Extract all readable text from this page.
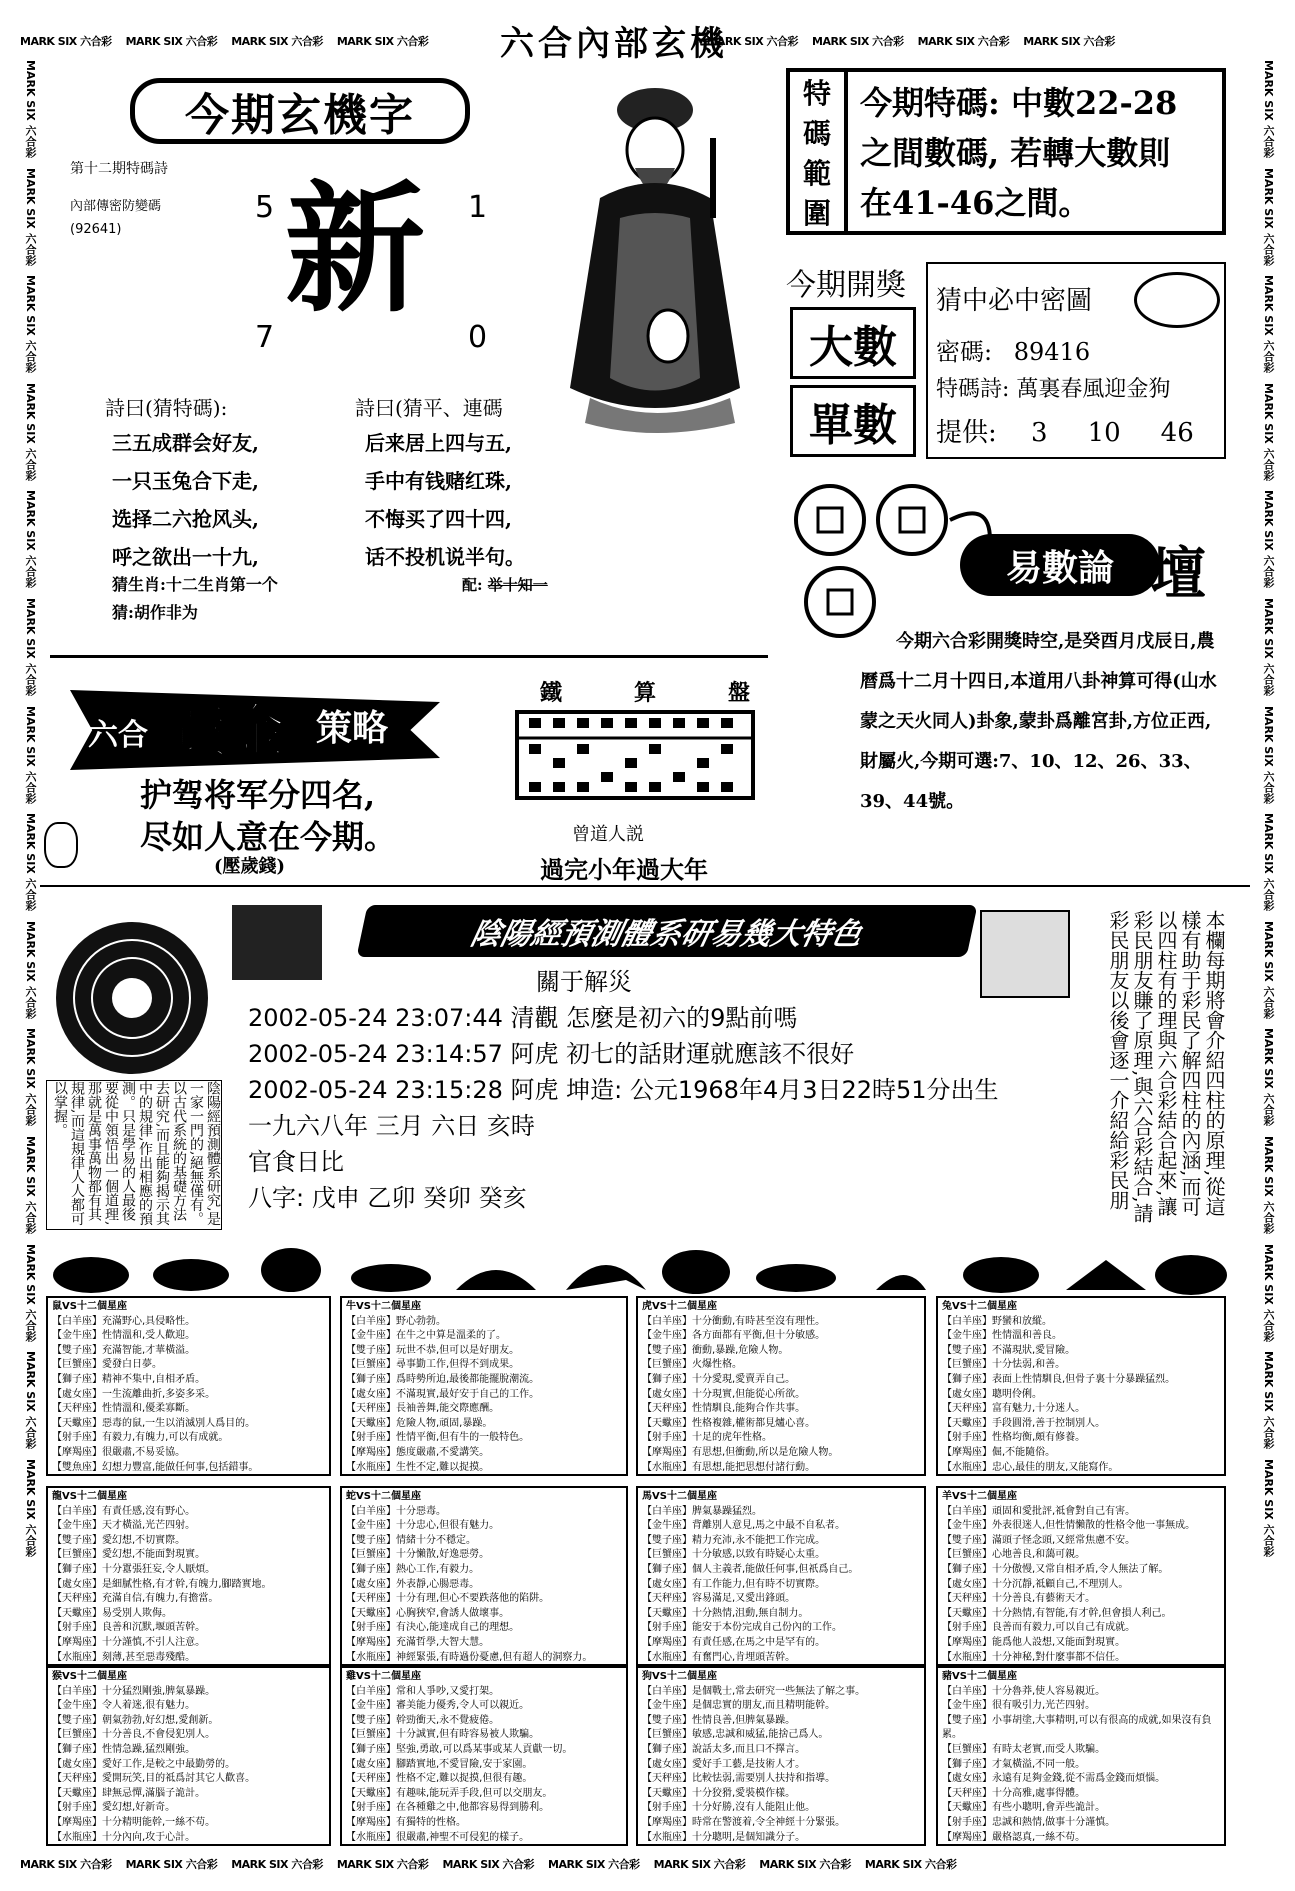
MARK SIX 六合彩 MARK SIX 六合彩 MARK SIX 六合彩 MARK SIX 六合彩	MARK SIX 六合彩 MARK SIX 六合彩 MARK SIX 六合彩 MARK SIX 六合彩
MARK SIX 六合彩 MARK SIX 六合彩 MARK SIX 六合彩 MARK SIX 六合彩 MARK SIX 六合彩 MARK SIX 六合彩 MARK SIX 六合彩 MARK SIX 六合彩 MARK SIX 六合彩
MARK SIX 六合彩
MARK SIX 六合彩
MARK SIX 六合彩
MARK SIX 六合彩
MARK SIX 六合彩
MARK SIX 六合彩
MARK SIX 六合彩
MARK SIX 六合彩
MARK SIX 六合彩
MARK SIX 六合彩
MARK SIX 六合彩
MARK SIX 六合彩
MARK SIX 六合彩
MARK SIX 六合彩
MARK SIX 六合彩
MARK SIX 六合彩
MARK SIX 六合彩
MARK SIX 六合彩
MARK SIX 六合彩
MARK SIX 六合彩
MARK SIX 六合彩
MARK SIX 六合彩
MARK SIX 六合彩
MARK SIX 六合彩
MARK SIX 六合彩
MARK SIX 六合彩
MARK SIX 六合彩
MARK SIX 六合彩
六合內部玄機
今期玄機字
第十二期特碼詩
內部傳密防變碼
(92641)
5	1
7	0
新
詩曰(猜特碼):	詩曰(猜平、連碼
三五成群会好友,
一只玉兔合下走,
选择二六抢风头,
呼之欲出一十九,
后来居上四与五,
手中有钱赌红珠,
不悔买了四十四,
话不投机说半句。
猜生肖:十二生肖第一个	配: 举十知一
猜:胡作非为
特
碼
範
圍
今期特碼: 中數22-28
之間數碼, 若轉大數則
在41-46之間。
今期開獎
大數
單數
猜中必中密圖
密碼: 89416
特碼詩: 萬裏春風迎金狗
提供: 3 10 46
易數論 壇
今期六合彩開獎時空,是癸酉月戊辰日,農曆爲十二月十四日,本道用八卦神算可得(山水蒙之天火同人)卦象,蒙卦爲離宮卦,方位正西,財屬火,今期可選:7、10、12、26、33、39、44號。
六合 黃金 策略
护驾将军分四名,
尽如人意在今期。
(壓歲錢)
鐵	算	盤
曾道人説
過完小年過大年
陰陽經預測體系研易幾大特色
關于解災
2002-05-24 23:07:44 清觀 怎麼是初六的9點前嗎
2002-05-24 23:14:57 阿虎 初七的話財運就應該不很好
2002-05-24 23:15:28 阿虎 坤造: 公元1968年4月3日22時51分出生
一九六八年 三月 六日 亥時
官食日比
八字: 戊申 乙卯 癸卯 癸亥
陰陽經預測體系研究,是一家一門的,絕無僅有。以古代系統的基礎方法去研究,而且能夠揭示其中的規律,作出相應的預測。只是學易的人最後要從中領悟出一個道理,那就是萬事萬物都有其規律,而這規律人人都可以掌握。
本欄每期將會介紹四柱的原理,從這樣有助于彩民了解四柱的內涵,而可以四柱有的理與六合彩結合起來,讓彩民朋友賺了原理,與六合彩結合,請彩民朋友以後會逐一介紹給彩民朋
鼠VS十二個星座
【白羊座】充滿野心,具侵略性。
【金牛座】性情溫和,受人歡迎。
【雙子座】充滿智能,才華橫溢。
【巨蟹座】愛發白日夢。
【獅子座】精神不集中,自相矛盾。
【處女座】一生流離曲折,多姿多采。
【天秤座】性情溫和,優柔寡斷。
【天蠍座】惡毒的鼠,一生以消滅別人爲目的。
【射手座】有毅力,有魄力,可以有成就。
【摩羯座】很嚴肅,不易妥協。
【雙魚座】幻想力豐富,能做任何事,包括錯事。
牛VS十二個星座
【白羊座】野心勃勃。
【金牛座】在牛之中算是溫柔的了。
【雙子座】玩世不恭,但可以是好朋友。
【巨蟹座】尋事勤工作,但得不到成果。
【獅子座】爲時勢所迫,最後都能擺脫潮流。
【處女座】不滿現實,最好安于自己的工作。
【天秤座】長袖善舞,能交際應酬。
【天蠍座】危險人物,頑固,暴躁。
【射手座】性情平衡,但有牛的一般特色。
【摩羯座】態度嚴肅,不愛講笑。
【水瓶座】生性不定,難以捉摸。
虎VS十二個星座
【白羊座】十分衝動,有時甚至沒有理性。
【金牛座】各方面都有平衡,但十分敏感。
【雙子座】衝動,暴躁,危險人物。
【巨蟹座】火爆性格。
【獅子座】十分愛現,愛賣弄自己。
【處女座】十分現實,但能從心所欲。
【天秤座】性情馴良,能夠合作共事。
【天蠍座】性格複雜,權術都見爐心喜。
【射手座】十足的虎年性格。
【摩羯座】有思想,但衝動,所以是危險人物。
【水瓶座】有思想,能把思想付諸行動。
兔VS十二個星座
【白羊座】野蠻和放縱。
【金牛座】性情溫和善良。
【雙子座】不滿現狀,愛冒險。
【巨蟹座】十分怯弱,和善。
【獅子座】表面上性情馴良,但骨子裏十分暴躁猛烈。
【處女座】聰明伶俐。
【天秤座】富有魅力,十分迷人。
【天蠍座】手段圓滑,善于控制別人。
【射手座】性格均衡,頗有修養。
【摩羯座】倔,不能隨俗。
【水瓶座】忠心,最佳的朋友,又能寫作。
龍VS十二個星座
【白羊座】有責任感,沒有野心。
【金牛座】天才橫溢,光芒四射。
【雙子座】愛幻想,不切實際。
【巨蟹座】愛幻想,不能面對現實。
【獅子座】十分囂張狂妄,令人厭煩。
【處女座】是細膩性格,有才幹,有魄力,腳踏實地。
【天秤座】充滿自信,有魄力,有擔當。
【天蠍座】易受別人欺侮。
【射手座】良善和沉默,堰頭苦幹。
【摩羯座】十分謹慎,不引人注意。
【水瓶座】刻薄,甚至惡毒殘酷。
蛇VS十二個星座
【白羊座】十分惡毒。
【金牛座】十分忠心,但很有魅力。
【雙子座】情緒十分不穩定。
【巨蟹座】十分懶散,好逸惡勞。
【獅子座】熱心工作,有毅力。
【處女座】外表靜,心腸惡毒。
【天秤座】十分有理,但心不要跌落他的陷阱。
【天蠍座】心胸狹窄,會誘人做壞事。
【射手座】有決心,能達成自己的理想。
【摩羯座】充滿哲學,大智大慧。
【水瓶座】神經緊張,有時過份憂慮,但有超人的洞察力。
馬VS十二個星座
【白羊座】脾氣暴躁猛烈。
【金牛座】背離別人意見,馬之中最不自私者。
【雙子座】精力充沛,永不能把工作完成。
【巨蟹座】十分敏感,以致有時疑心太重。
【獅子座】個人主義者,能做任何事,但祇爲自己。
【處女座】有工作能力,但有時不切實際。
【天秤座】容易滿足,又愛出鋒頭。
【天蠍座】十分熱情,沮動,無自制力。
【射手座】能安于本份完成自己份內的工作。
【摩羯座】有責任感,在馬之中是罕有的。
【水瓶座】有奮門心,肯埋頭苦幹。
羊VS十二個星座
【白羊座】頑固和愛批評,祗會對自己有害。
【金牛座】外表很迷人,但性情懶散的性格令他一事無成。
【雙子座】滿頭子怪念頭,又經常焦慮不安。
【巨蟹座】心地善良,和藹可親。
【獅子座】十分傲慢,又常自相矛盾,令人無法了解。
【處女座】十分沉靜,祗顧自己,不理別人。
【天秤座】十分善良,有藝術天才。
【天蠍座】十分熱情,有智能,有才幹,但會損人利己。
【射手座】良善而有毅力,可以自己有成就。
【摩羯座】能爲他人設想,又能面對現實。
【水瓶座】十分神秘,對什麼事都不信任。
猴VS十二個星座
【白羊座】十分猛烈剛強,脾氣暴躁。
【金牛座】令人着迷,很有魅力。
【雙子座】朝氣勃勃,好幻想,愛創新。
【巨蟹座】十分善良,不會侵犯別人。
【獅子座】性情急躁,猛烈剛強。
【處女座】愛好工作,是較之中最勤勞的。
【天秤座】愛開玩笑,目的祗爲討其它人歡喜。
【天蠍座】肆無忌憚,滿腦子詭計。
【射手座】愛幻想,好新奇。
【摩羯座】十分精明能幹,一絲不苟。
【水瓶座】十分內向,攻于心計。
雞VS十二個星座
【白羊座】常和人爭吵,又愛打架。
【金牛座】審美能力優秀,令人可以親近。
【雙子座】幹勁衝天,永不覺疲倦。
【巨蟹座】十分誠實,但有時容易被人欺騙。
【獅子座】堅強,勇敢,可以爲某事或某人貢獻一切。
【處女座】腳踏實地,不愛冒險,安于家園。
【天秤座】性格不定,難以捉摸,但很有趣。
【天蠍座】有趣味,能玩弄手段,但可以交朋友。
【射手座】在各種雞之中,他都容易得到勝利。
【摩羯座】有獨特的性格。
【水瓶座】很嚴肅,神聖不可侵犯的樣子。
狗VS十二個星座
【白羊座】是個戰士,常去研究一些無法了解之事。
【金牛座】是個忠實的朋友,而且精明能幹。
【雙子座】性情良善,但脾氣暴躁。
【巨蟹座】敏感,忠誠和威猛,能捨己爲人。
【獅子座】說話太多,而且口不擇言。
【處女座】愛好手工藝,是技術人才。
【天秤座】比較怯弱,需要別人扶持和指導。
【天蠍座】十分狡猾,愛裝模作樣。
【射手座】十分好勝,沒有人能阻止他。
【摩羯座】時常在警渡着,令全神經十分緊張。
【水瓶座】十分聰明,是個知識分子。
豬VS十二個星座
【白羊座】十分魯莽,使人容易親近。
【金牛座】很有吸引力,光芒四射。
【雙子座】小事胡塗,大事精明,可以有很高的成就,如果沒有負累。
【巨蟹座】有時太老實,而受人欺騙。
【獅子座】才氣橫溢,不同一般。
【處女座】永遠有足夠金錢,從不需爲金錢而煩惱。
【天秤座】十分高雅,處事得體。
【天蠍座】有些小聰明,會弄些詭計。
【射手座】忠誠和熱情,做事十分謹慎。
【摩羯座】嚴格認真,一絲不苟。
